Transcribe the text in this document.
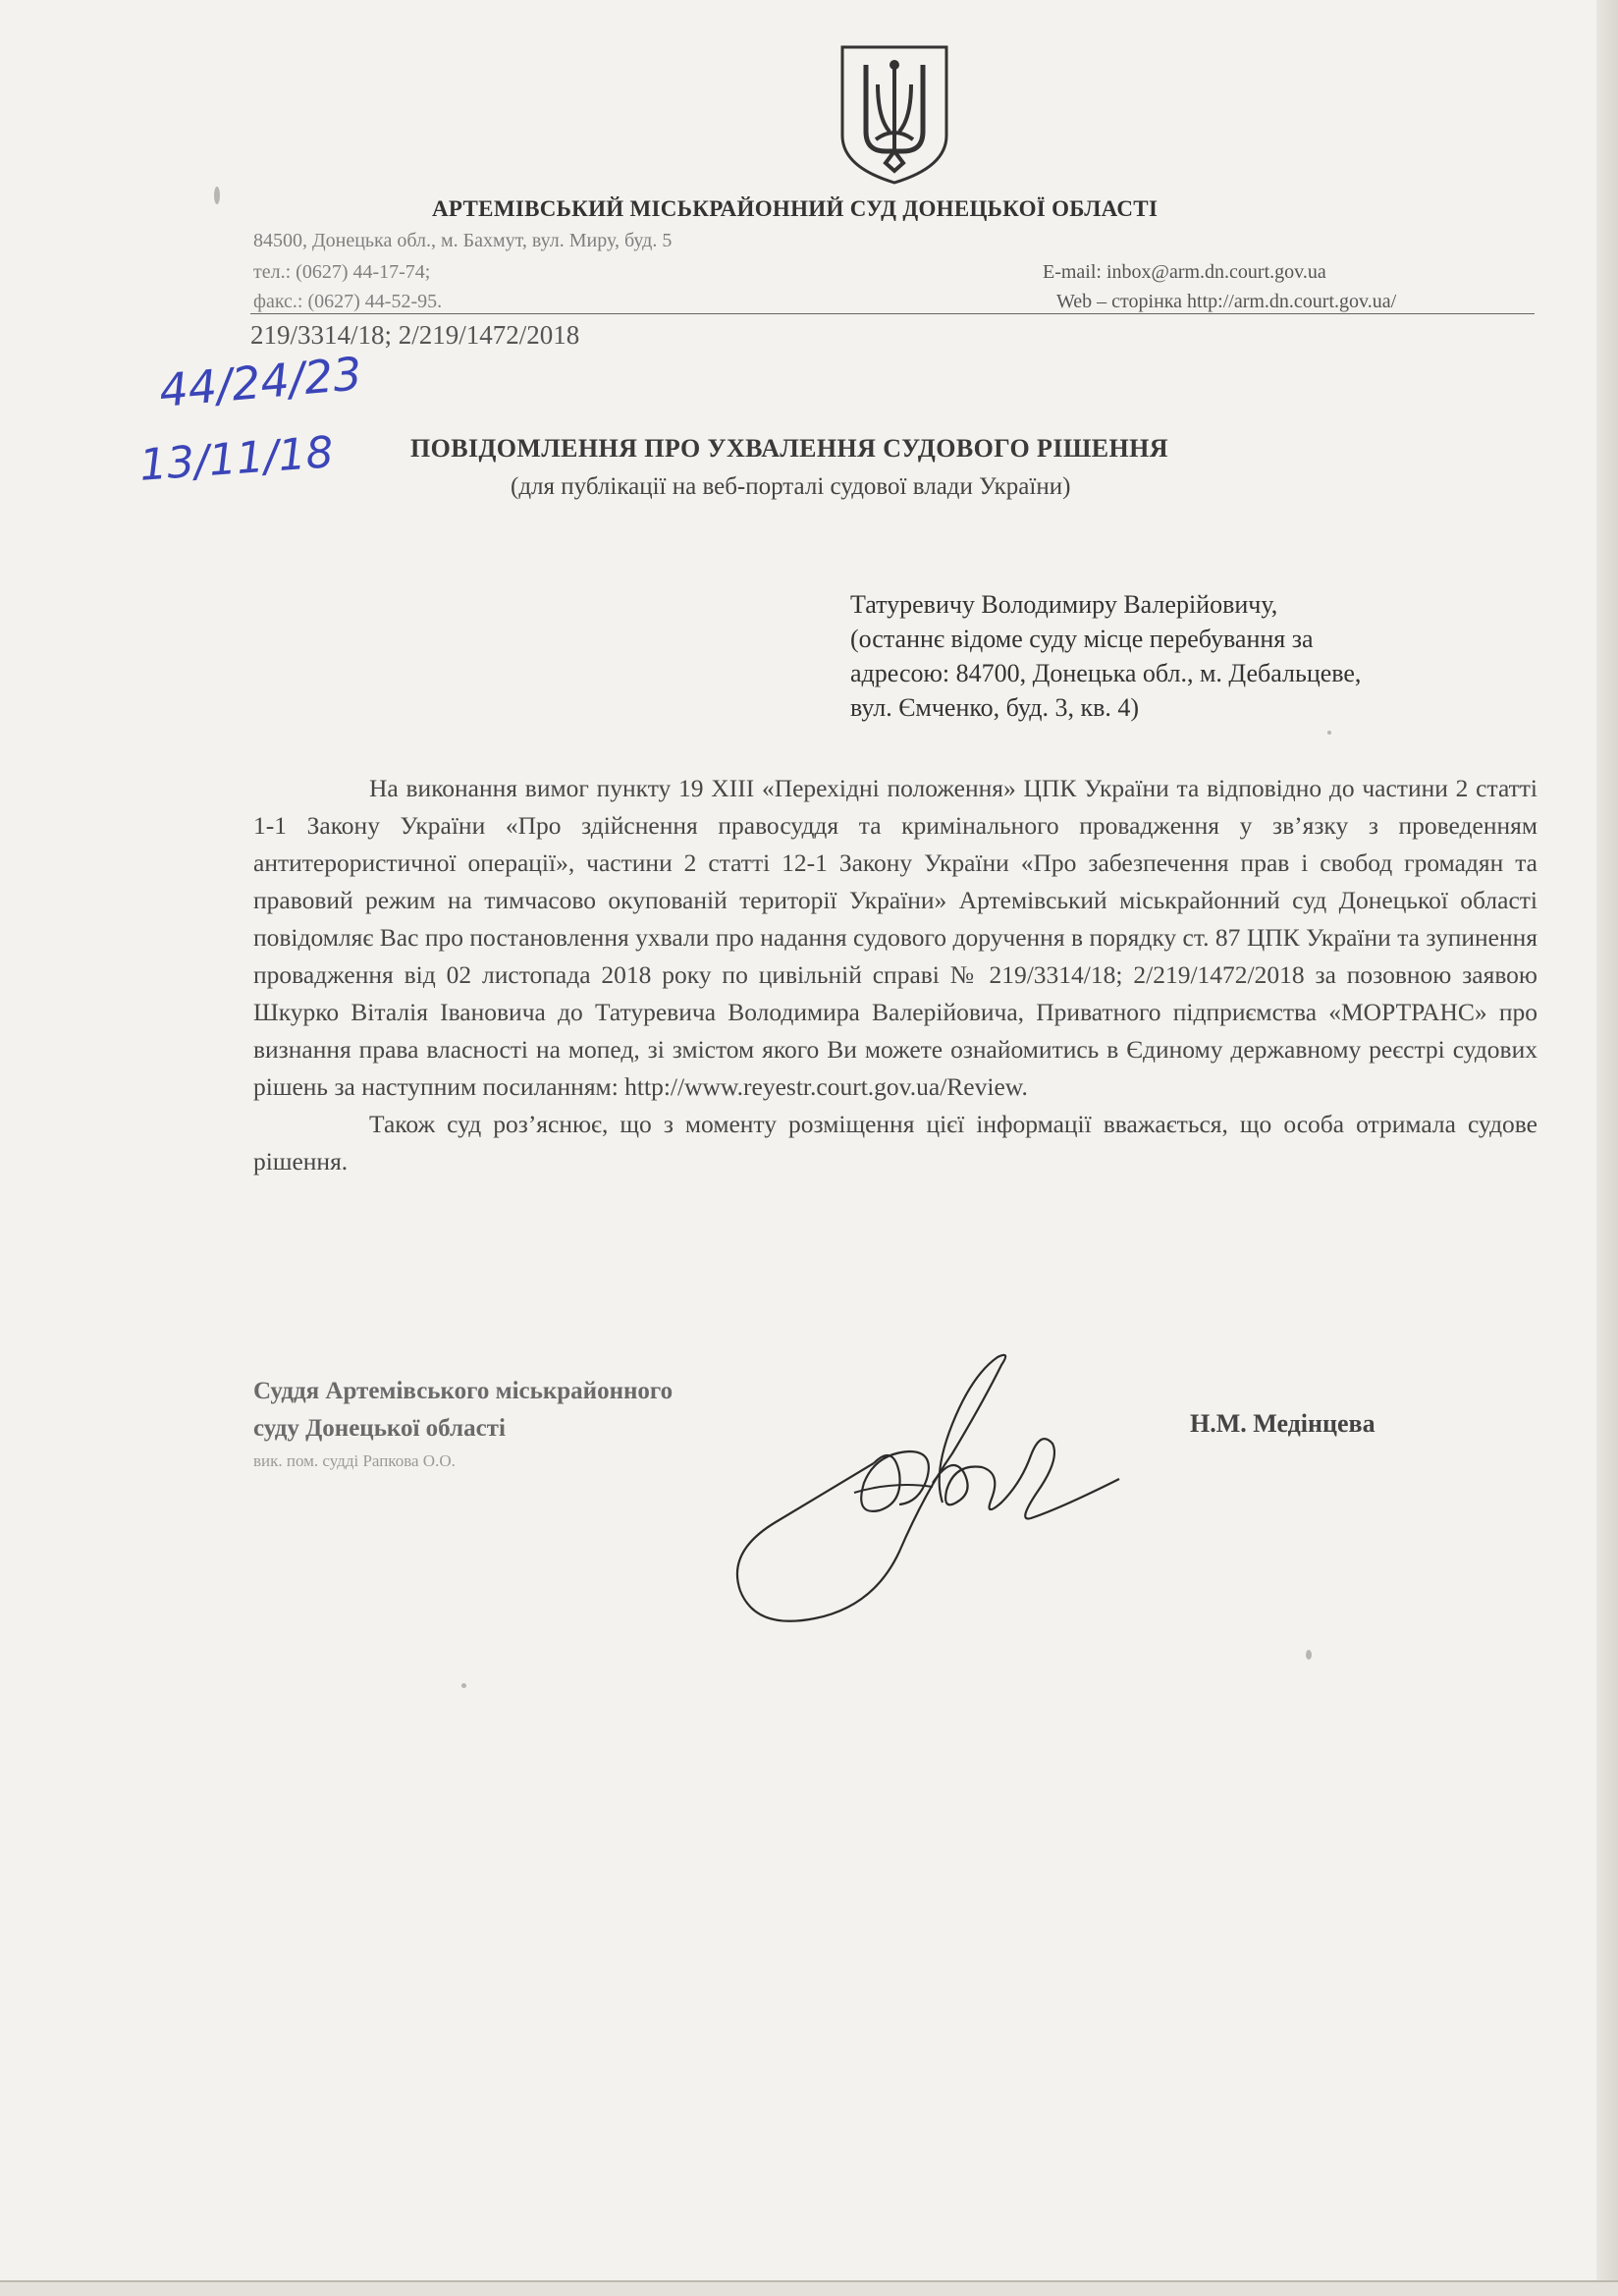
АРТЕМІВСЬКИЙ МІСЬКРАЙОННИЙ СУД ДОНЕЦЬКОЇ ОБЛАСТІ
84500, Донецька обл., м. Бахмут, вул. Миру, буд. 5
тел.: (0627) 44-17-74;	E-mail: inbox@arm.dn.court.gov.ua
факс.: (0627) 44-52-95.	Web – сторінка http://arm.dn.court.gov.ua/
219/3314/18; 2/219/1472/2018
44/24/23
13/11/18	ПОВІДОМЛЕННЯ ПРО УХВАЛЕННЯ СУДОВОГО РІШЕННЯ
(для публікації на веб-порталі судової влади України)
Татуревичу Володимиру Валерійовичу,
(останнє відоме суду місце перебування за
адресою: 84700, Донецька обл., м. Дебальцеве,
вул. Ємченко, буд. 3, кв. 4)

На виконання вимог пункту 19 XIII «Перехідні положення» ЦПК України та відповідно до частини 2 статті 1-1 Закону України «Про здійснення правосуддя та кримінального провадження у зв’язку з проведенням антитерористичної операції», частини 2 статті 12-1 Закону України «Про забезпечення прав і свобод громадян та правовий режим на тимчасово окупованій території України» Артемівський міськрайонний суд Донецької області повідомляє Вас про постановлення ухвали про надання судового доручення в порядку ст. 87 ЦПК України та зупинення провадження від 02 листопада 2018 року по цивільній справі № 219/3314/18; 2/219/1472/2018 за позовною заявою Шкурко Віталія Івановича до Татуревича Володимира Валерійовича, Приватного підприємства «МОРТРАНС» про визнання права власності на мопед, зі змістом якого Ви можете ознайомитись в Єдиному державному реєстрі судових рішень за наступним посиланням: http://www.reyestr.court.gov.ua/Review.

Також суд роз’яснює, що з моменту розміщення цієї інформації вважається, що особа отримала судове рішення.

Суддя Артемівського міськрайонного
суду Донецької області
вик. пом. судді Рапкова О.О.
Н.М. Медінцева
